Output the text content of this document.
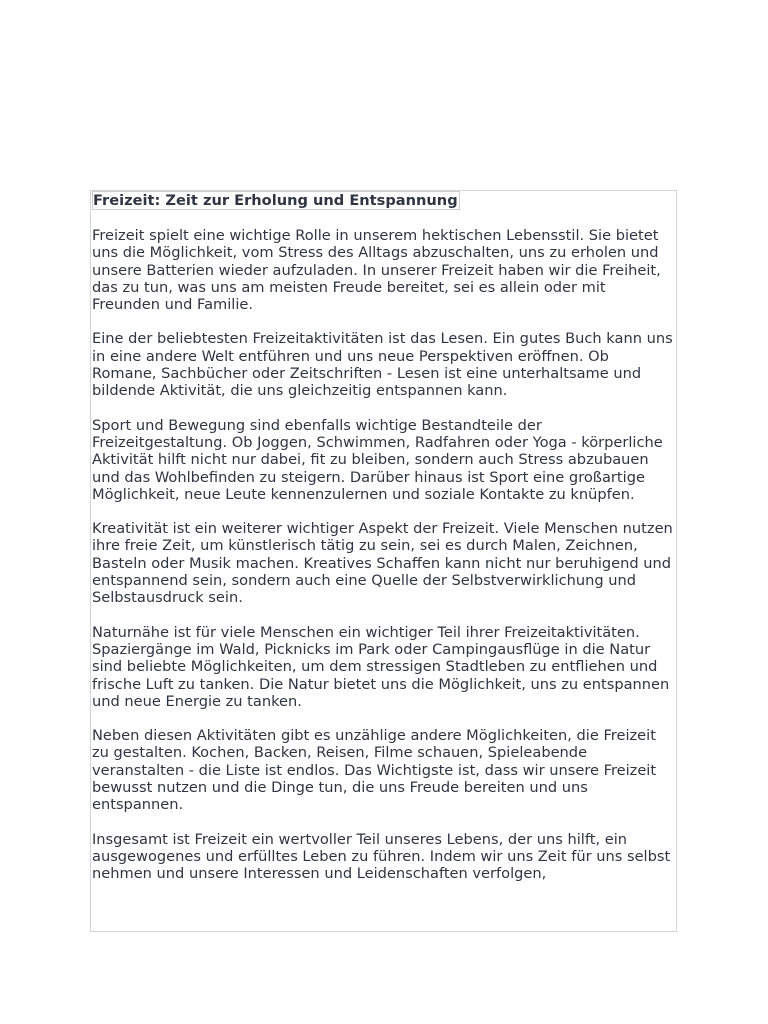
Freizeit: Zeit zur Erholung und Entspannung

Freizeit spielt eine wichtige Rolle in unserem hektischen Lebensstil. Sie bietet uns die Möglichkeit, vom Stress des Alltags abzuschalten, uns zu erholen und unsere Batterien wieder aufzuladen. In unserer Freizeit haben wir die Freiheit, das zu tun, was uns am meisten Freude bereitet, sei es allein oder mit Freunden und Familie.

Eine der beliebtesten Freizeitaktivitäten ist das Lesen. Ein gutes Buch kann uns in eine andere Welt entführen und uns neue Perspektiven eröffnen. Ob Romane, Sachbücher oder Zeitschriften - Lesen ist eine unterhaltsame und bildende Aktivität, die uns gleichzeitig entspannen kann.

Sport und Bewegung sind ebenfalls wichtige Bestandteile der Freizeitgestaltung. Ob Joggen, Schwimmen, Radfahren oder Yoga - körperliche Aktivität hilft nicht nur dabei, fit zu bleiben, sondern auch Stress abzubauen und das Wohlbefinden zu steigern. Darüber hinaus ist Sport eine großartige Möglichkeit, neue Leute kennenzulernen und soziale Kontakte zu knüpfen.

Kreativität ist ein weiterer wichtiger Aspekt der Freizeit. Viele Menschen nutzen ihre freie Zeit, um künstlerisch tätig zu sein, sei es durch Malen, Zeichnen, Basteln oder Musik machen. Kreatives Schaffen kann nicht nur beruhigend und entspannend sein, sondern auch eine Quelle der Selbstverwirklichung und Selbstausdruck sein.

Naturnähe ist für viele Menschen ein wichtiger Teil ihrer Freizeitaktivitäten. Spaziergänge im Wald, Picknicks im Park oder Campingausflüge in die Natur sind beliebte Möglichkeiten, um dem stressigen Stadtleben zu entfliehen und frische Luft zu tanken. Die Natur bietet uns die Möglichkeit, uns zu entspannen und neue Energie zu tanken.

Neben diesen Aktivitäten gibt es unzählige andere Möglichkeiten, die Freizeit zu gestalten. Kochen, Backen, Reisen, Filme schauen, Spieleabende veranstalten - die Liste ist endlos. Das Wichtigste ist, dass wir unsere Freizeit bewusst nutzen und die Dinge tun, die uns Freude bereiten und uns entspannen.

Insgesamt ist Freizeit ein wertvoller Teil unseres Lebens, der uns hilft, ein ausgewogenes und erfülltes Leben zu führen. Indem wir uns Zeit für uns selbst nehmen und unsere Interessen und Leidenschaften verfolgen,
